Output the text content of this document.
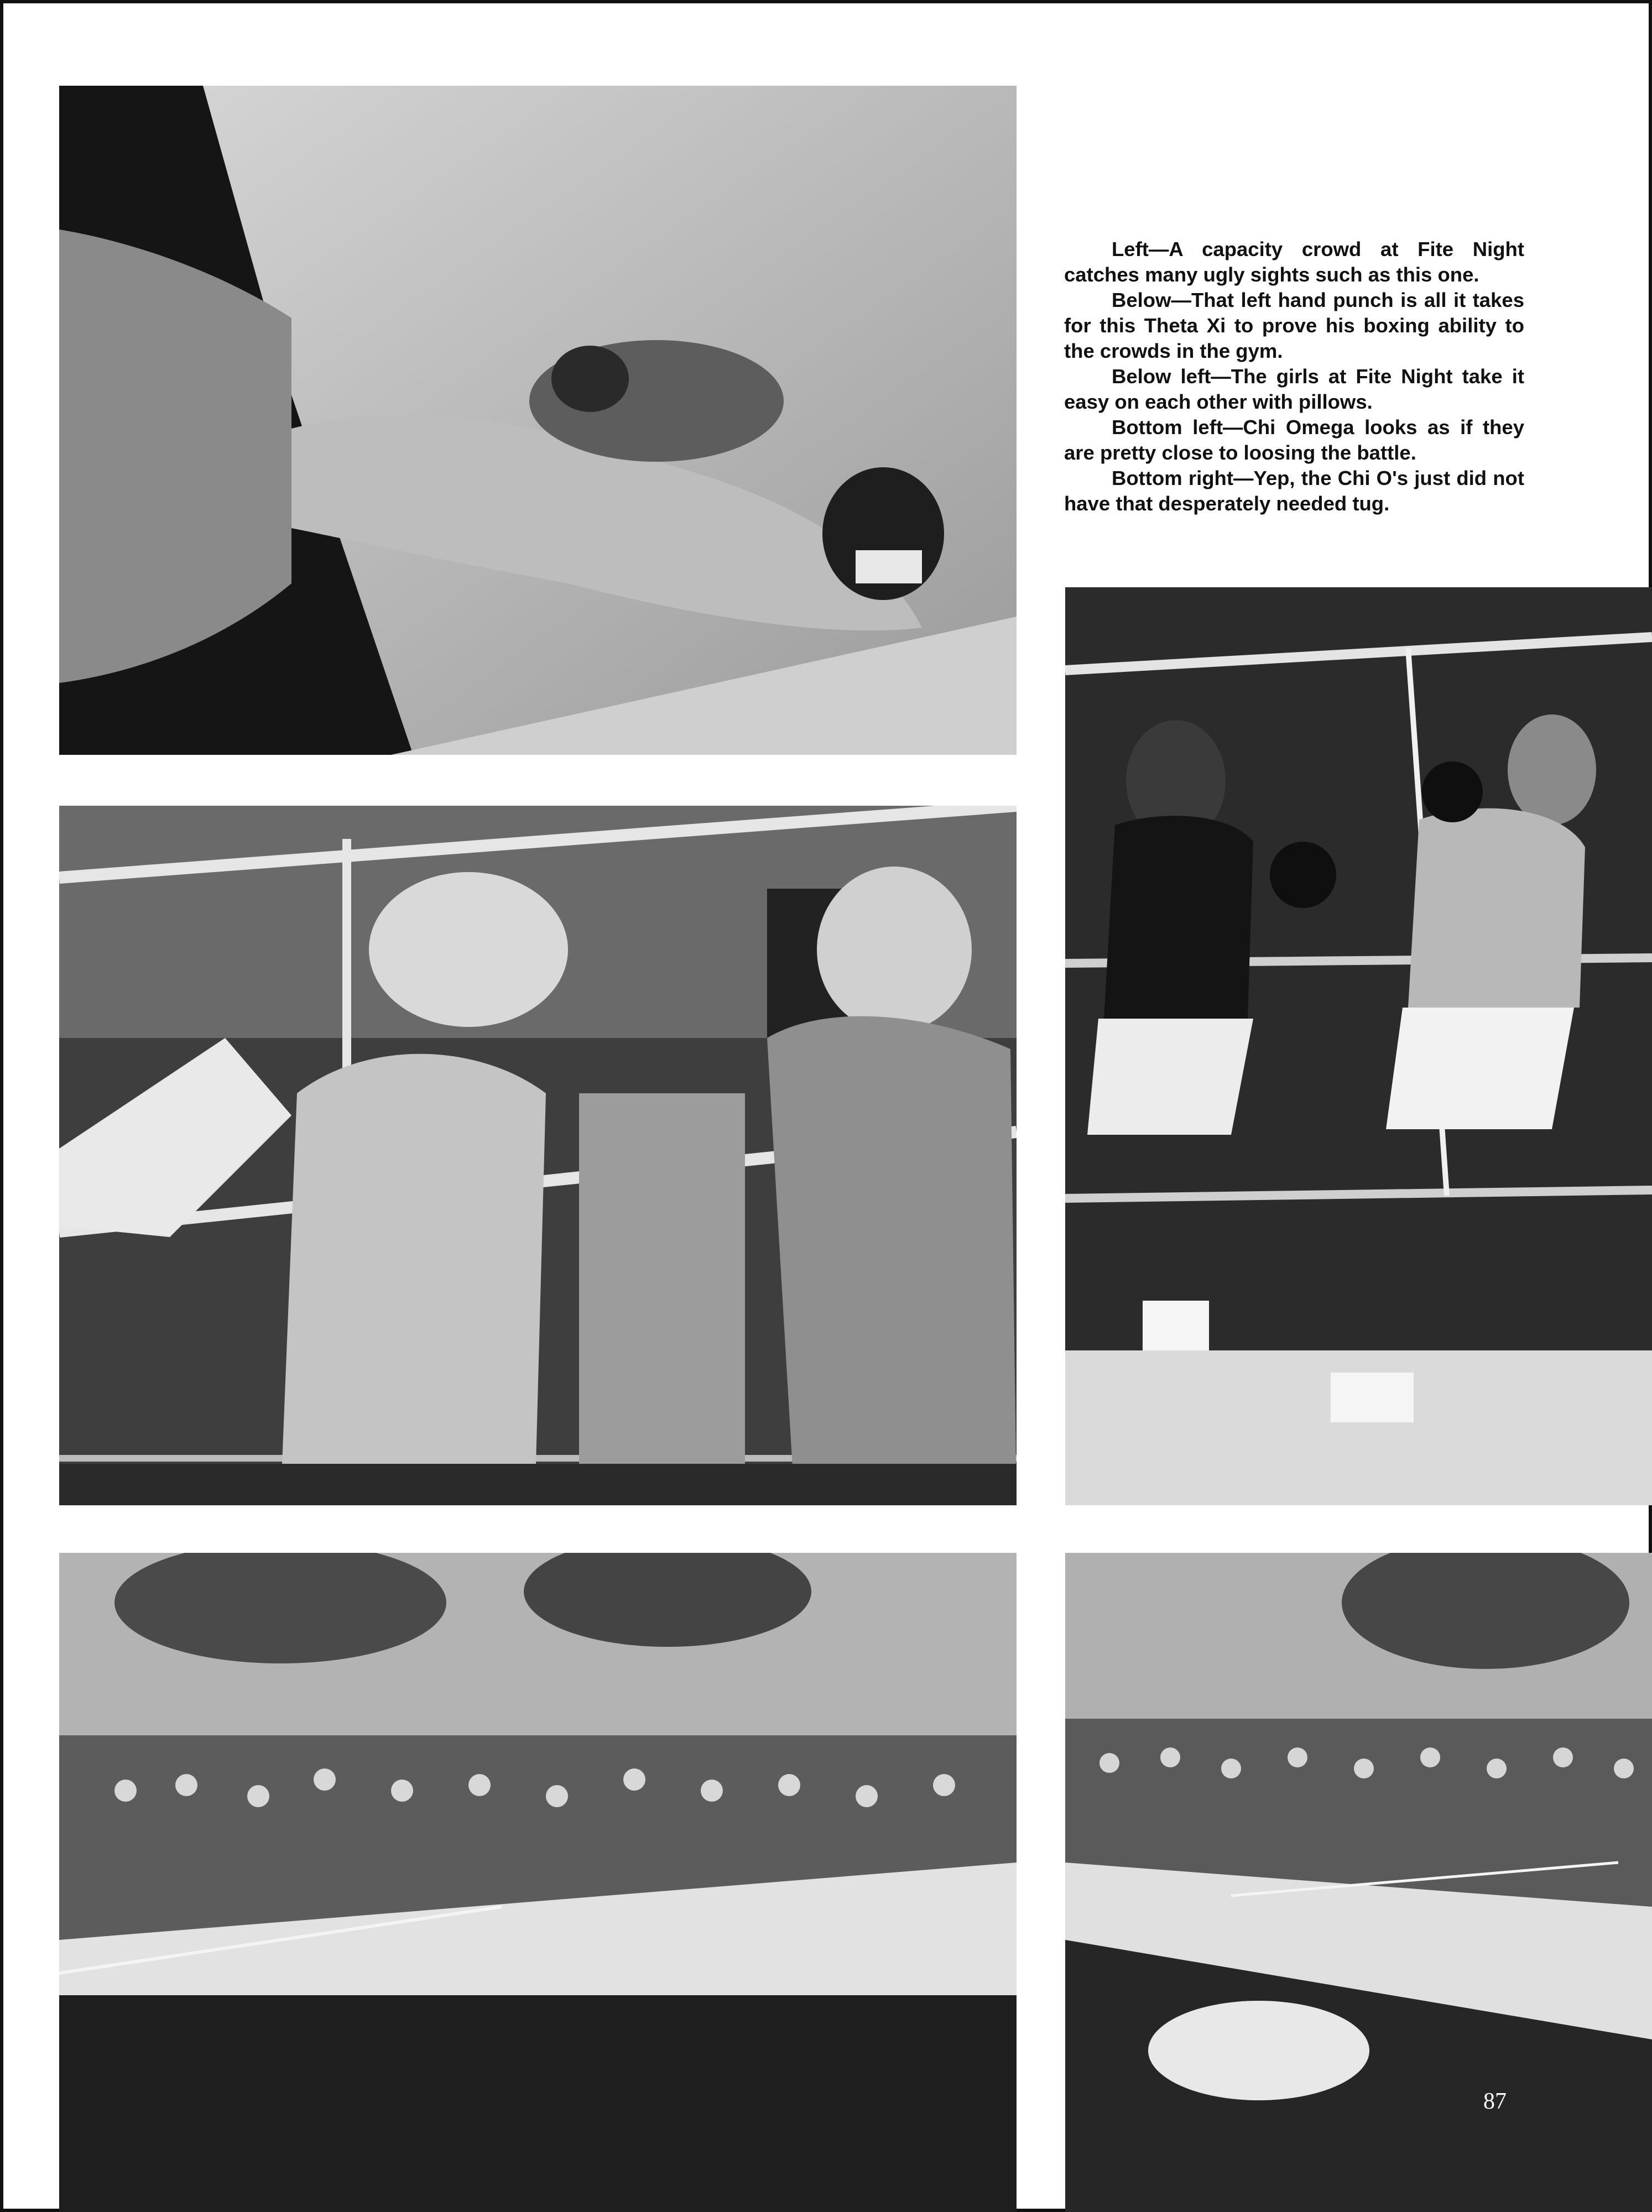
Left—A capacity crowd at Fite Night catches many ugly sights such as this one.

Below—That left hand punch is all it takes for this Theta Xi to prove his boxing ability to the crowds in the gym.

Below left—The girls at Fite Night take it easy on each other with pillows.

Bottom left—Chi Omega looks as if they are pretty close to loosing the battle.

Bottom right—Yep, the Chi O's just did not have that desperately needed tug.

87
